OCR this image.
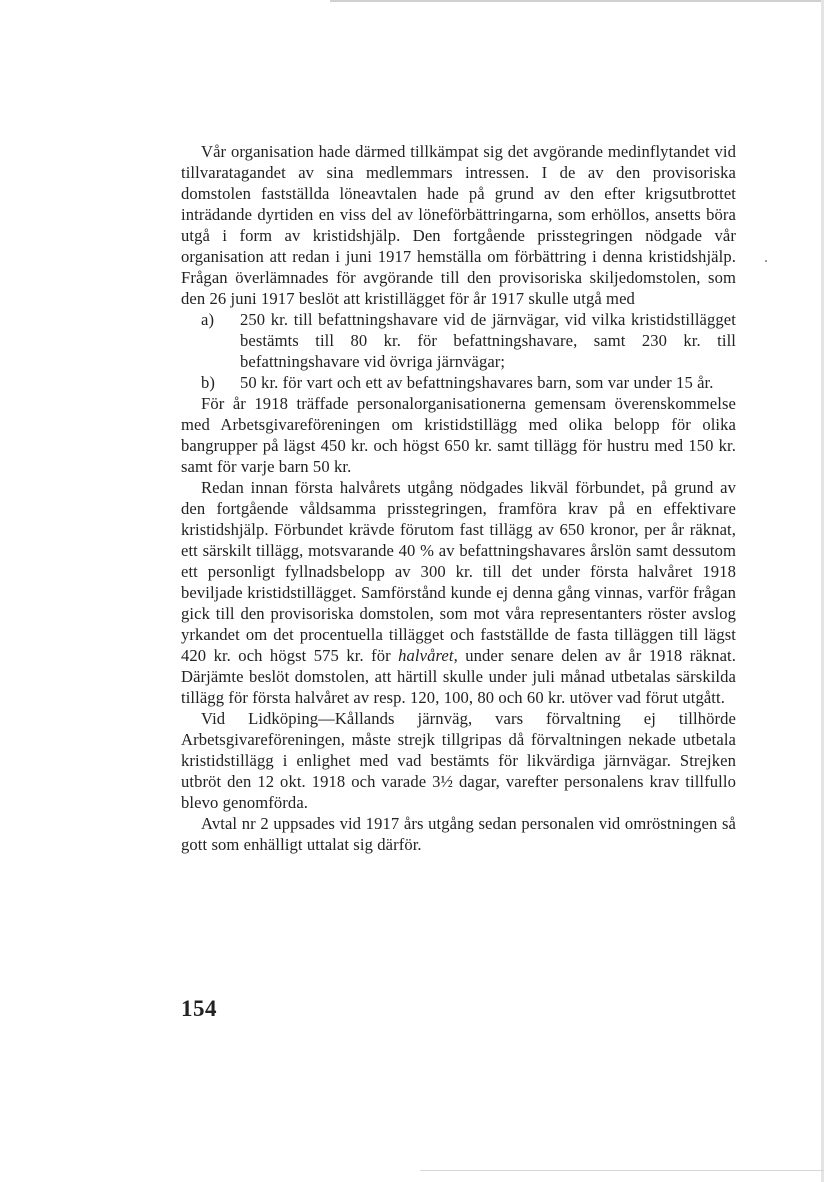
Vår organisation hade därmed tillkämpat sig det avgörande medinflytandet vid tillvaratagandet av sina medlemmars intressen. I de av den provisoriska domstolen fastställda löneavtalen hade på grund av den efter krigsutbrottet inträdande dyrtiden en viss del av löneförbättringarna, som erhöllos, ansetts böra utgå i form av kristidshjälp. Den fortgående prisstegringen nödgade vår organisation att redan i juni 1917 hemställa om förbättring i denna kristidshjälp. Frågan överlämnades för avgörande till den provisoriska skiljedomstolen, som den 26 juni 1917 beslöt att kristillägget för år 1917 skulle utgå med

a)	250 kr. till befattningshavare vid de järnvägar, vid vilka kristidstillägget bestämts till 80 kr. för befattningshavare, samt 230 kr. till befattningshavare vid övriga järnvägar;
b)	50 kr. för vart och ett av befattningshavares barn, som var under 15 år.

För år 1918 träffade personalorganisationerna gemensam överenskommelse med Arbetsgivareföreningen om kristidstillägg med olika belopp för olika bangrupper på lägst 450 kr. och högst 650 kr. samt tillägg för hustru med 150 kr. samt för varje barn 50 kr.

Redan innan första halvårets utgång nödgades likväl förbundet, på grund av den fortgående våldsamma prisstegringen, framföra krav på en effektivare kristidshjälp. Förbundet krävde förutom fast tillägg av 650 kronor, per år räknat, ett särskilt tillägg, motsvarande 40 % av befattningshavares årslön samt dessutom ett personligt fyllnadsbelopp av 300 kr. till det under första halvåret 1918 beviljade kristidstillägget. Samförstånd kunde ej denna gång vinnas, varför frågan gick till den provisoriska domstolen, som mot våra representanters röster avslog yrkandet om det procentuella tillägget och fastställde de fasta tilläggen till lägst 420 kr. och högst 575 kr. för halvåret, under senare delen av år 1918 räknat. Därjämte beslöt domstolen, att härtill skulle under juli månad utbetalas särskilda tillägg för första halvåret av resp. 120, 100, 80 och 60 kr. utöver vad förut utgått.

Vid Lidköping—Kållands järnväg, vars förvaltning ej tillhörde Arbetsgivareföreningen, måste strejk tillgripas då förvaltningen nekade utbetala kristidstillägg i enlighet med vad bestämts för likvärdiga järnvägar. Strejken utbröt den 12 okt. 1918 och varade 3½ dagar, varefter personalens krav tillfullo blevo genomförda.

Avtal nr 2 uppsades vid 1917 års utgång sedan personalen vid omröstningen så gott som enhälligt uttalat sig därför.

154
